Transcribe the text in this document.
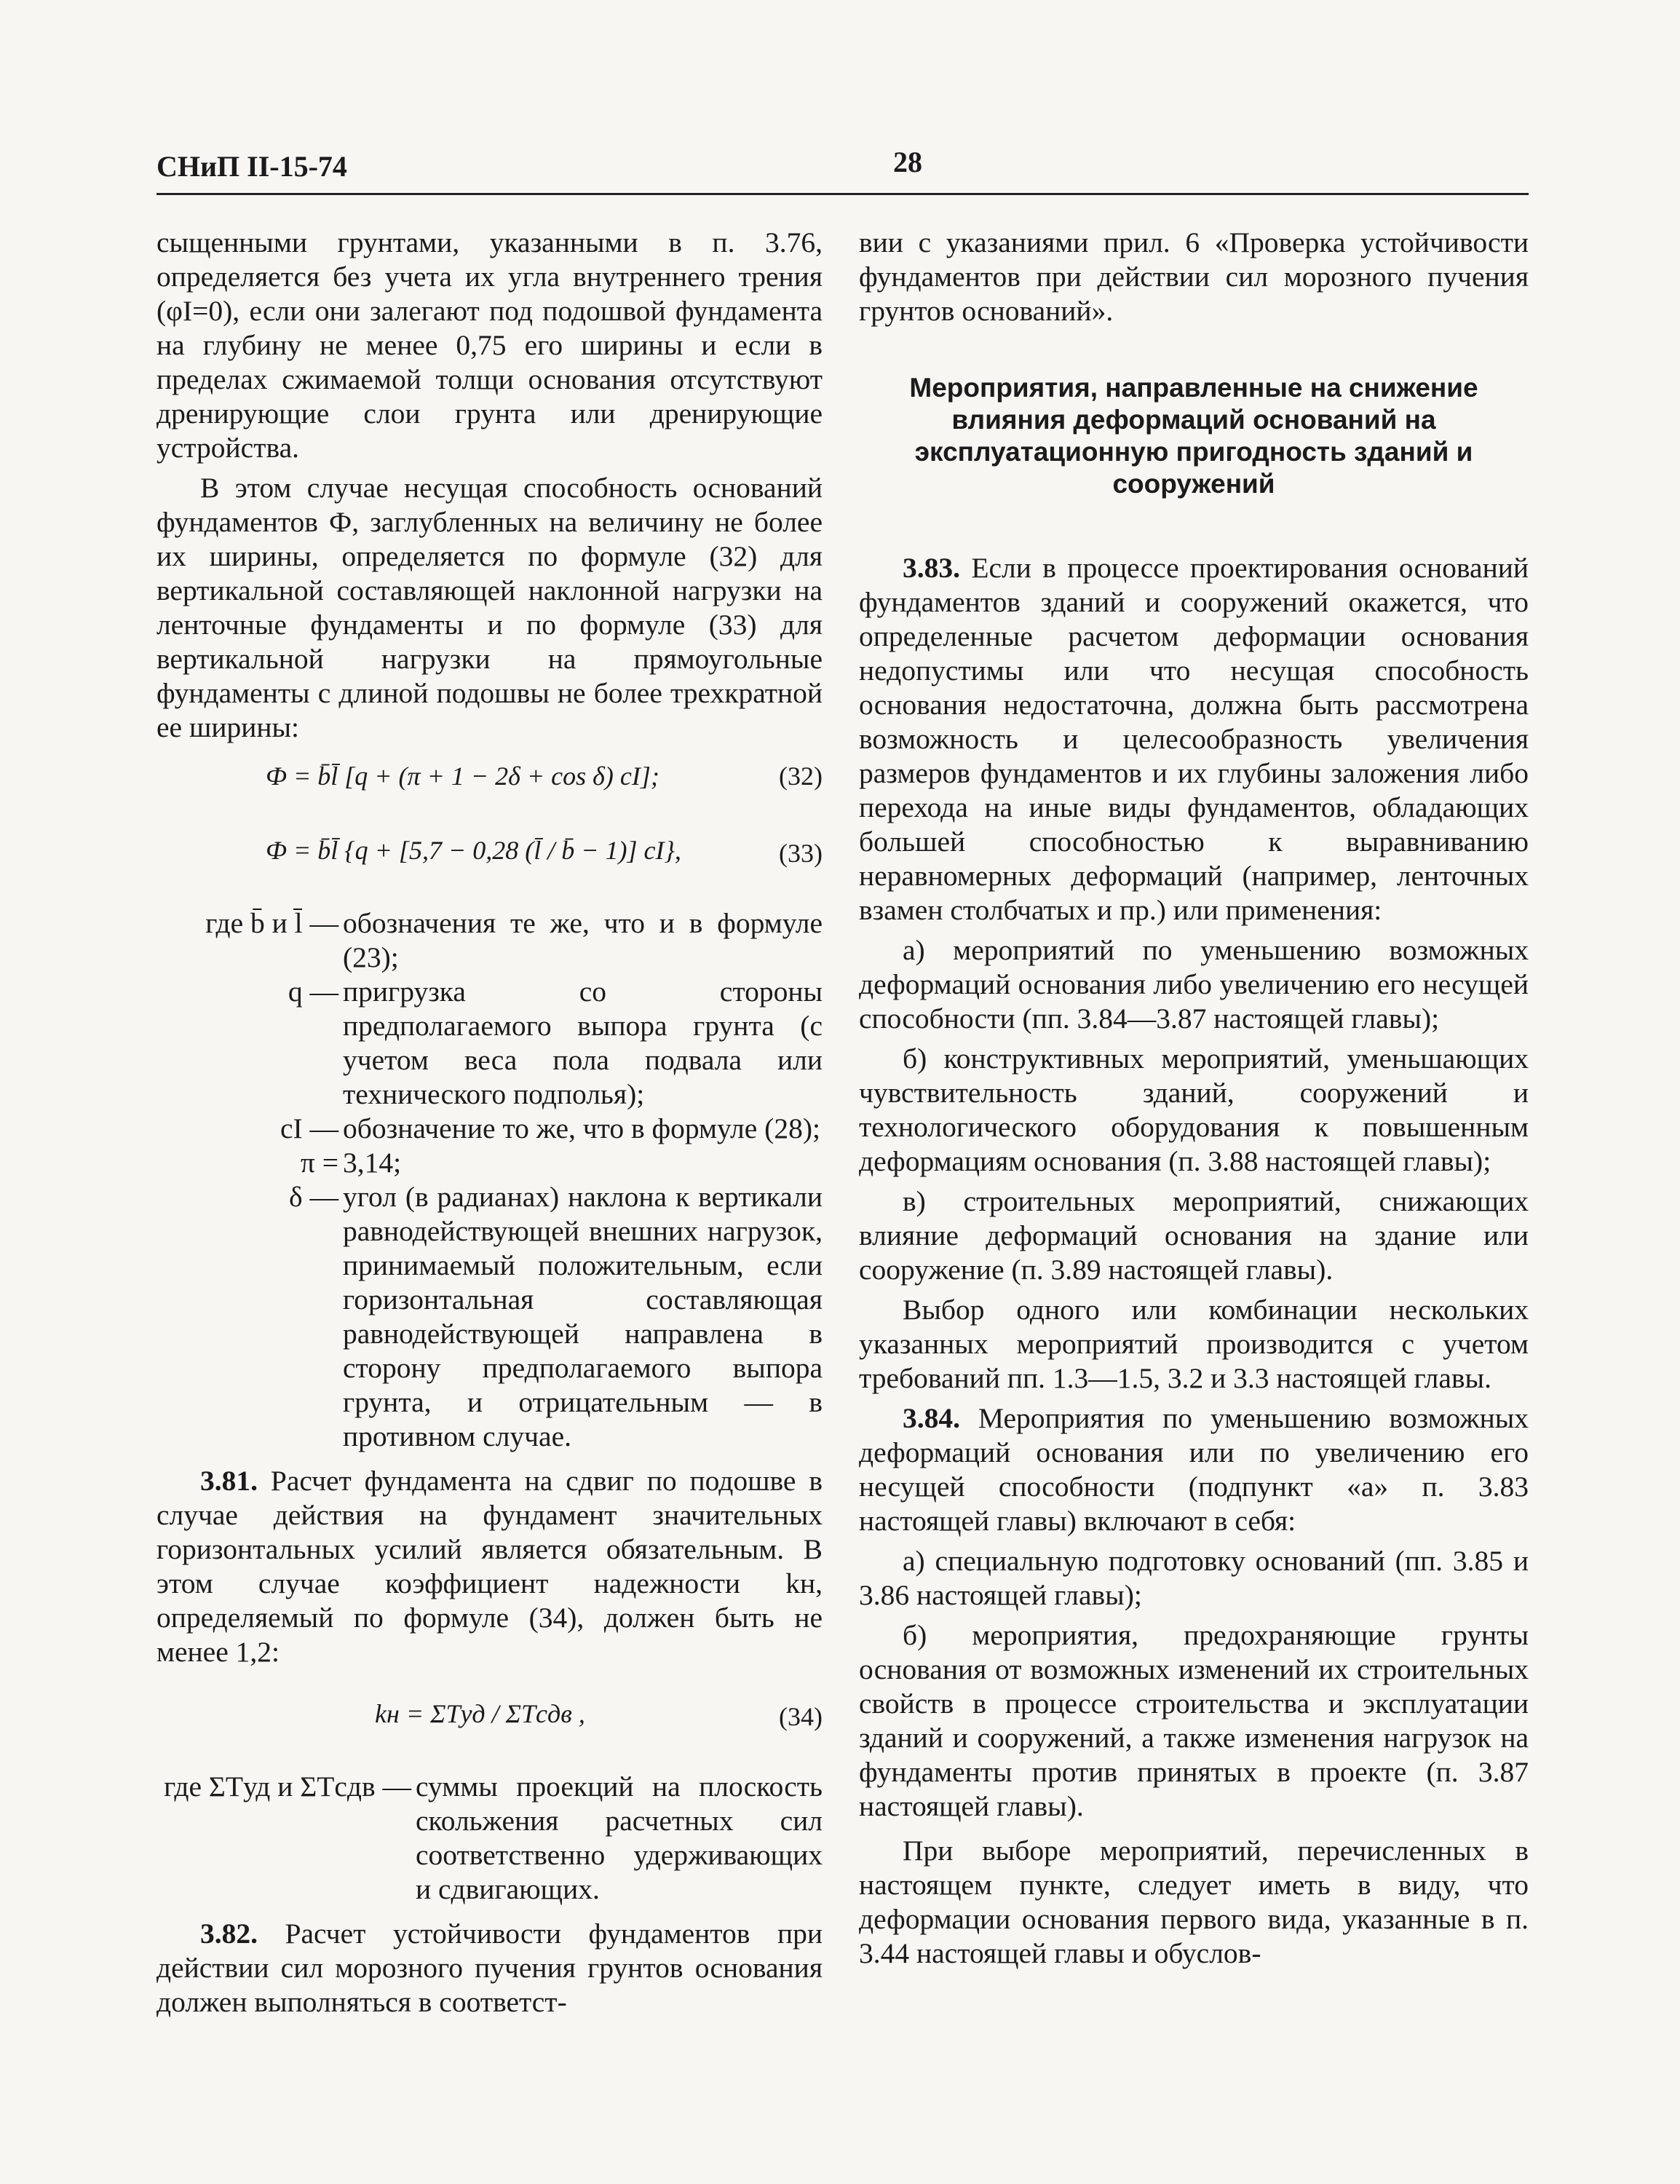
СНиП II-15-74	28

сыщенными грунтами, указанными в п. 3.76, определяется без учета их угла внутреннего трения (φI=0), если они залегают под подошвой фундамента на глубину не менее 0,75 его ширины и если в пределах сжимаемой толщи основания отсутствуют дренирующие слои грунта или дренирующие устройства.

В этом случае несущая способность оснований фундаментов Ф, заглубленных на величину не более их ширины, определяется по формуле (32) для вертикальной составляющей наклонной нагрузки на ленточные фундаменты и по формуле (33) для вертикальной нагрузки на прямоугольные фундаменты с длиной подошвы не более трехкратной ее ширины:

Ф = b̄l̄ [q + (π + 1 − 2δ + cos δ) cI];	(32)
Ф = b̄l̄ {q + [5,7 − 0,28 (l̄ / b̄ − 1)] cI},	(33)
где b̄ и l̄ — обозначения те же, что и в формуле (23);
q — пригрузка со стороны предполагаемого выпора грунта (с учетом веса пола подвала или технического подполья);
cI — обозначение то же, что в формуле (28);
π = 3,14;
δ — угол (в радианах) наклона к вертикали равнодействующей внешних нагрузок, принимаемый положительным, если горизонтальная составляющая равнодействующей направлена в сторону предполагаемого выпора грунта, и отрицательным — в противном случае.

3.81. Расчет фундамента на сдвиг по подошве в случае действия на фундамент значительных горизонтальных усилий является обязательным. В этом случае коэффициент надежности kн, определяемый по формуле (34), должен быть не менее 1,2:

kн = ΣTуд / ΣTсдв ,	(34)
где ΣTуд и ΣTсдв — суммы проекций на плоскость скольжения расчетных сил соответственно удерживающих и сдвигающих.

3.82. Расчет устойчивости фундаментов при действии сил морозного пучения грунтов основания должен выполняться в соответст-

вии с указаниями прил. 6 «Проверка устойчивости фундаментов при действии сил морозного пучения грунтов оснований».

Мероприятия, направленные на снижение влияния деформаций оснований на эксплуатационную пригодность зданий и сооружений

3.83. Если в процессе проектирования оснований фундаментов зданий и сооружений окажется, что определенные расчетом деформации основания недопустимы или что несущая способность основания недостаточна, должна быть рассмотрена возможность и целесообразность увеличения размеров фундаментов и их глубины заложения либо перехода на иные виды фундаментов, обладающих большей способностью к выравниванию неравномерных деформаций (например, ленточных взамен столбчатых и пр.) или применения:

а) мероприятий по уменьшению возможных деформаций основания либо увеличению его несущей способности (пп. 3.84—3.87 настоящей главы);

б) конструктивных мероприятий, уменьшающих чувствительность зданий, сооружений и технологического оборудования к повышенным деформациям основания (п. 3.88 настоящей главы);

в) строительных мероприятий, снижающих влияние деформаций основания на здание или сооружение (п. 3.89 настоящей главы).

Выбор одного или комбинации нескольких указанных мероприятий производится с учетом требований пп. 1.3—1.5, 3.2 и 3.3 настоящей главы.

3.84. Мероприятия по уменьшению возможных деформаций основания или по увеличению его несущей способности (подпункт «а» п. 3.83 настоящей главы) включают в себя:

а) специальную подготовку оснований (пп. 3.85 и 3.86 настоящей главы);

б) мероприятия, предохраняющие грунты основания от возможных изменений их строительных свойств в процессе строительства и эксплуатации зданий и сооружений, а также изменения нагрузок на фундаменты против принятых в проекте (п. 3.87 настоящей главы).

При выборе мероприятий, перечисленных в настоящем пункте, следует иметь в виду, что деформации основания первого вида, указанные в п. 3.44 настоящей главы и обуслов-
